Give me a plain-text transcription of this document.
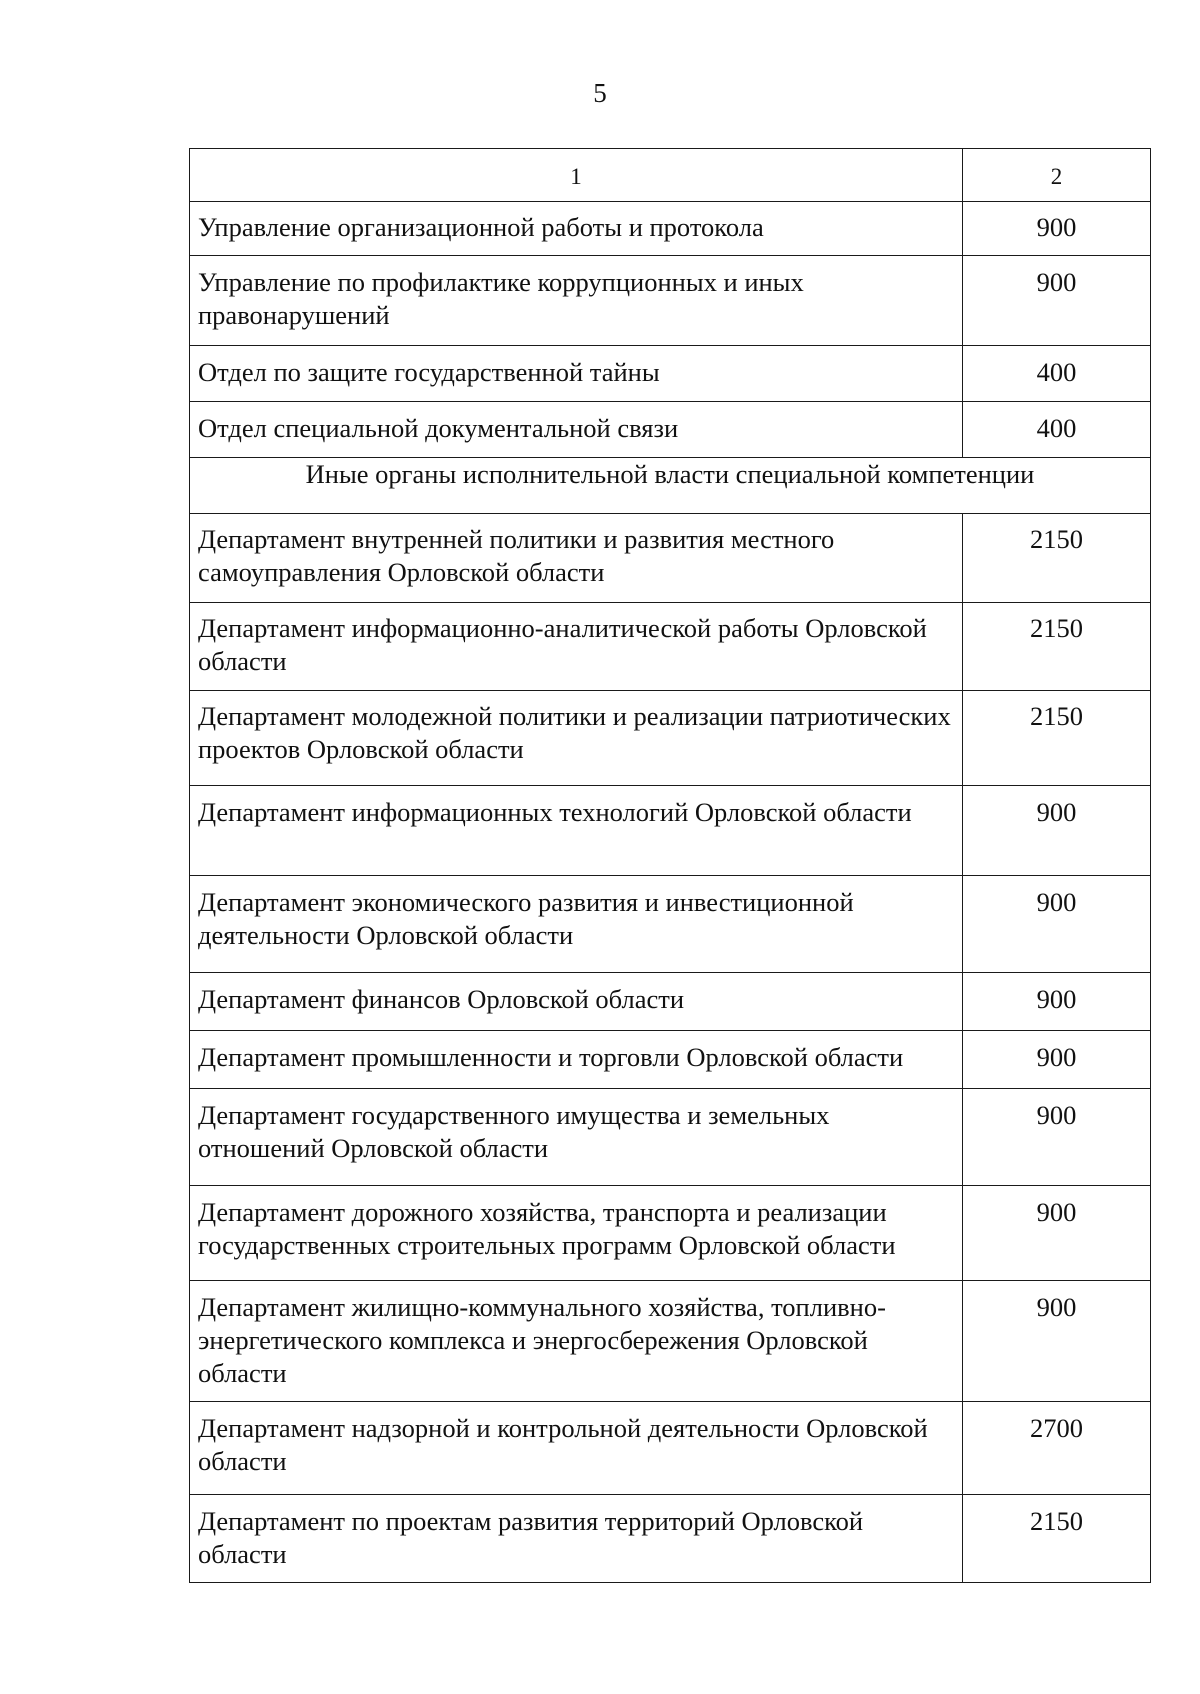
5
1	2
Управление организационной работы и протокола	900
Управление по профилактике коррупционных и иных правонарушений	900
Отдел по защите государственной тайны	400
Отдел специальной документальной связи	400
Иные органы исполнительной власти специальной компетенции	
Департамент внутренней политики и развития местного самоуправления Орловской области	2150
Департамент информационно-аналитической работы Орловской области	2150
Департамент молодежной политики и реализации патриотических проектов Орловской области	2150
Департамент информационных технологий Орловской области	900
Департамент экономического развития и инвестиционной деятельности Орловской области	900
Департамент финансов Орловской области	900
Департамент промышленности и торговли Орловской области	900
Департамент государственного имущества и земельных отношений Орловской области	900
Департамент дорожного хозяйства, транспорта и реализации государственных строительных программ Орловской области	900
Департамент жилищно-коммунального хозяйства, топливно-энергетического комплекса и энергосбережения Орловской области	900
Департамент надзорной и контрольной деятельности Орловской области	2700
Департамент по проектам развития территорий Орловской области	2150
